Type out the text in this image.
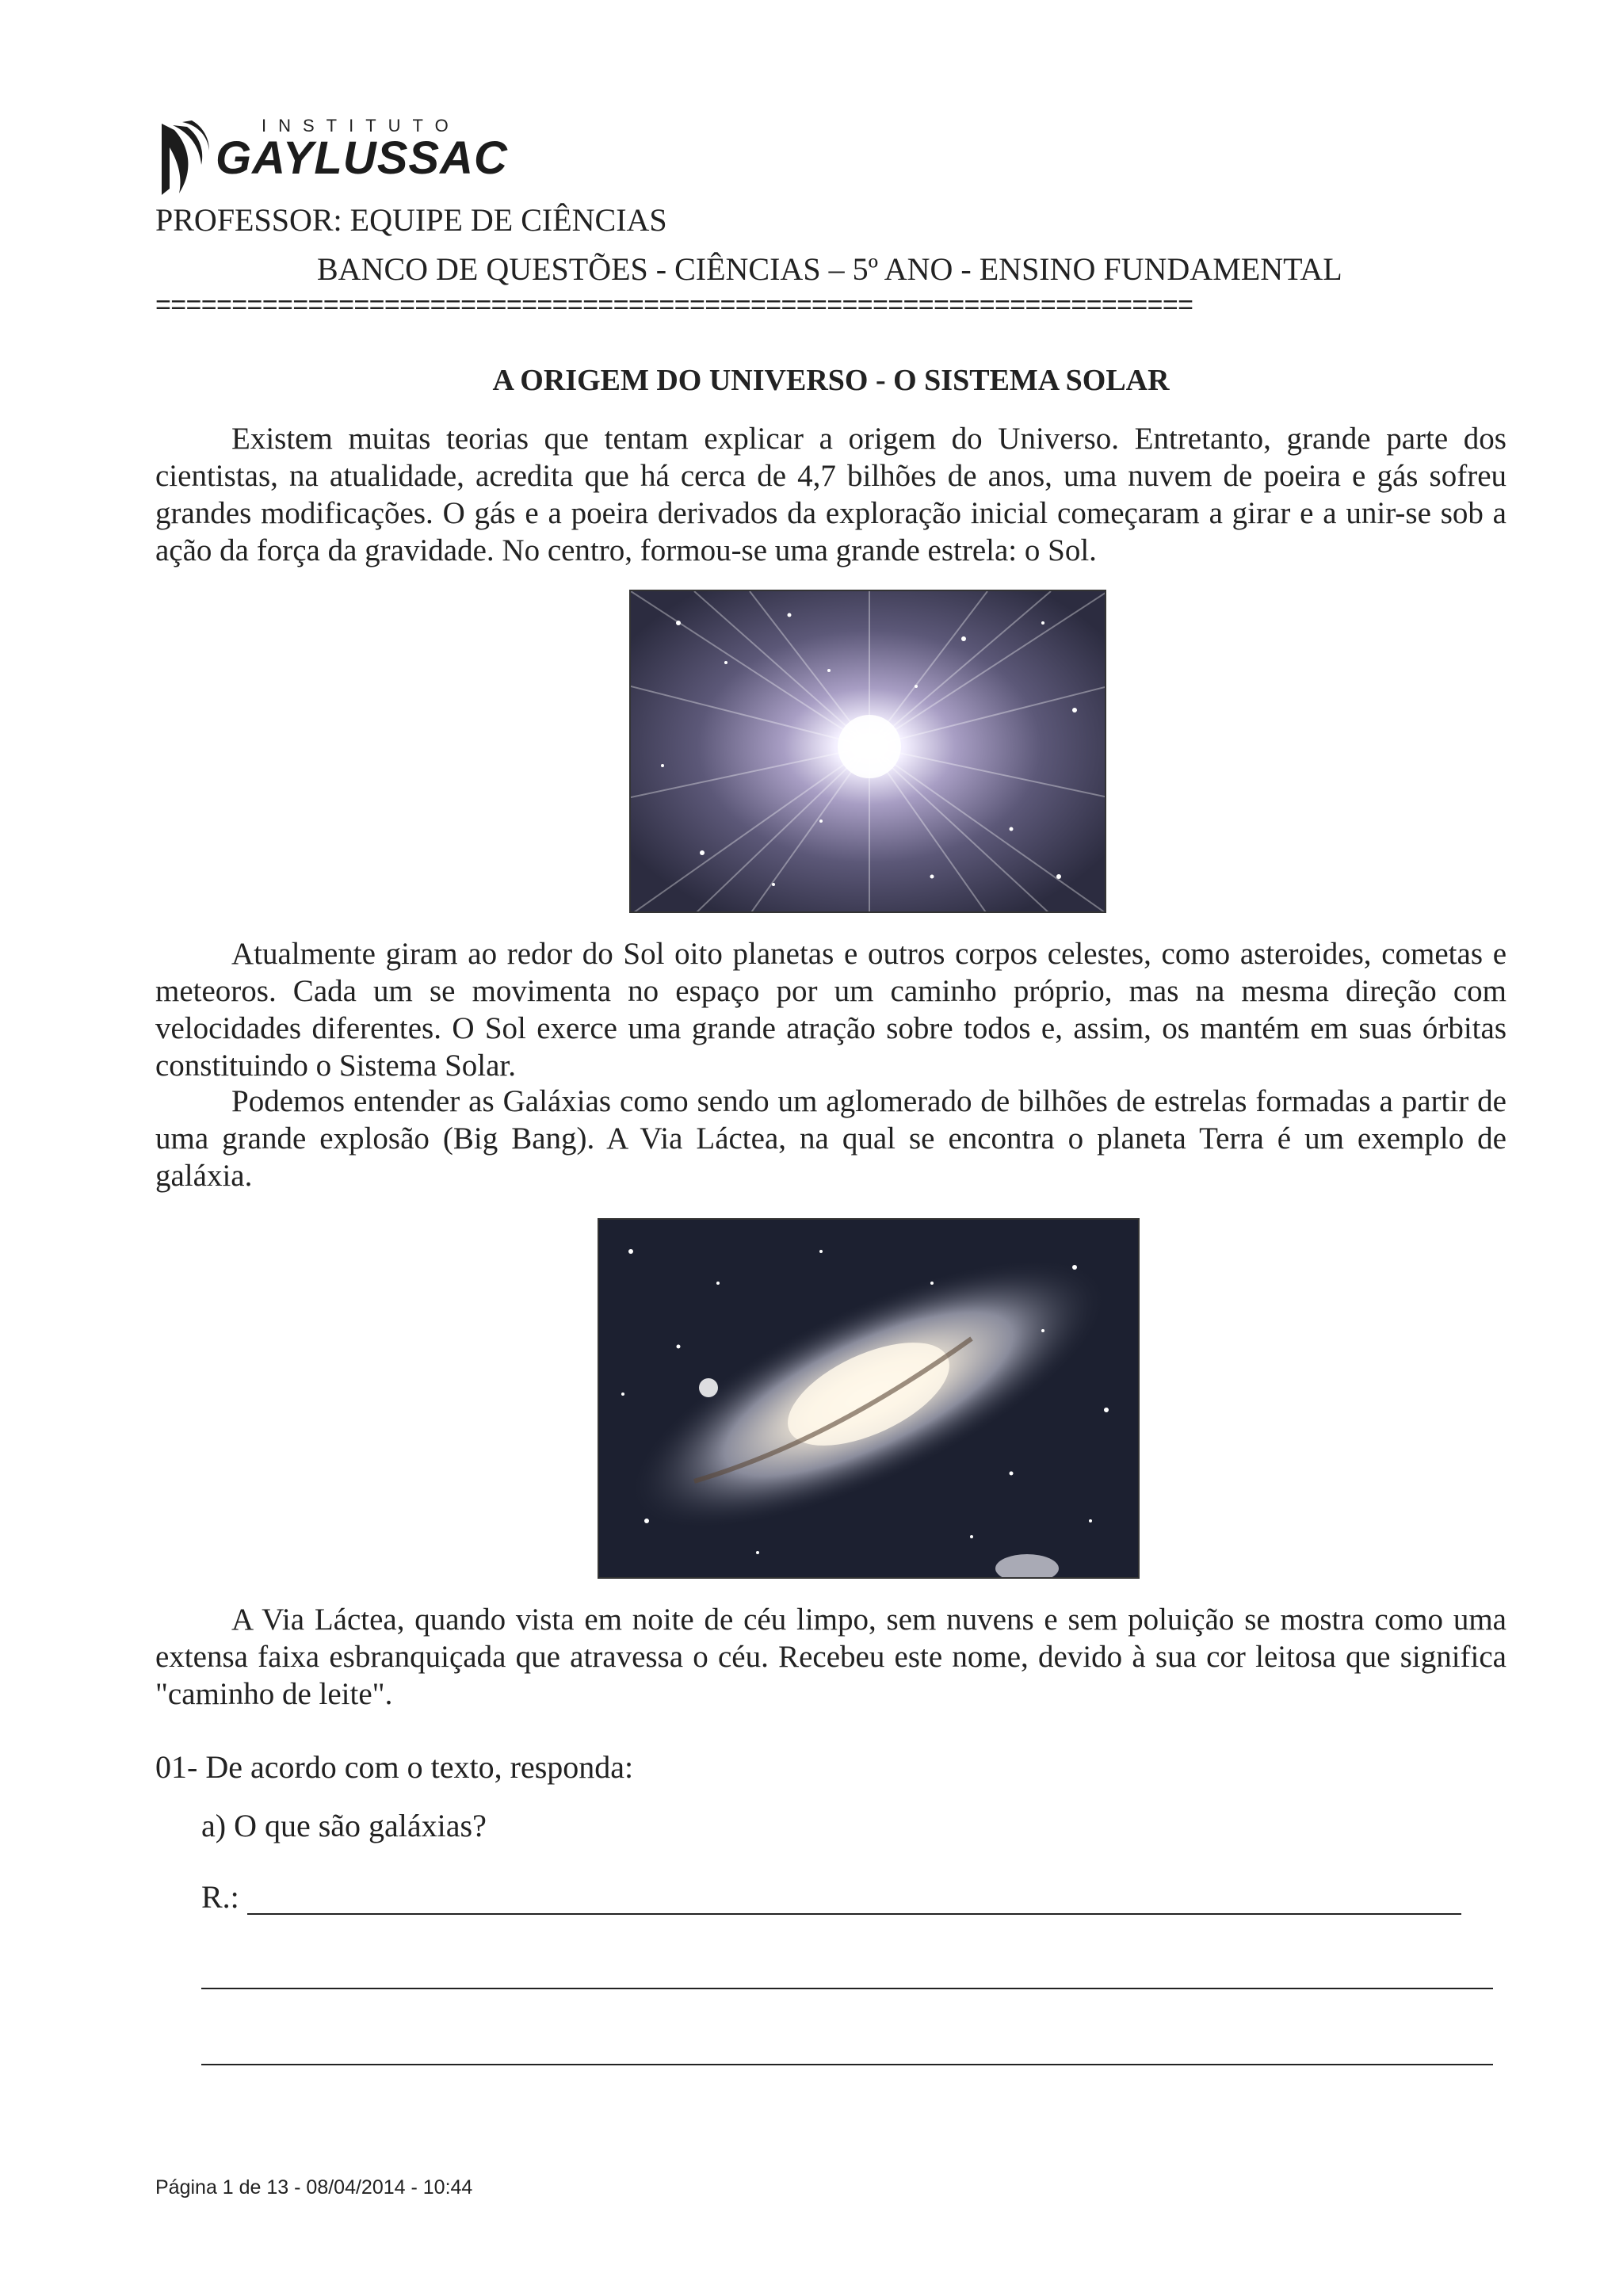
INSTITUTO
GAYLUSSAC
PROFESSOR: EQUIPE DE CIÊNCIAS
BANCO DE QUESTÕES - CIÊNCIAS – 5º ANO - ENSINO FUNDAMENTAL
====================================================================
A ORIGEM DO UNIVERSO - O SISTEMA SOLAR

Existem muitas teorias que tentam explicar a origem do Universo. Entretanto, grande parte dos cientistas, na atualidade, acredita que há cerca de 4,7 bilhões de anos, uma nuvem de poeira e gás sofreu grandes modificações. O gás e a poeira derivados da exploração inicial começaram a girar e a unir-se sob a ação da força da gravidade. No centro, formou-se uma grande estrela: o Sol.

Atualmente giram ao redor do Sol oito planetas e outros corpos celestes, como asteroides, cometas e meteoros. Cada um se movimenta no espaço por um caminho próprio, mas na mesma direção com velocidades diferentes. O Sol exerce uma grande atração sobre todos e, assim, os mantém em suas órbitas constituindo o Sistema Solar.

Podemos entender as Galáxias como sendo um aglomerado de bilhões de estrelas formadas a partir de uma grande explosão (Big Bang). A Via Láctea, na qual se encontra o planeta Terra é um exemplo de galáxia.

A Via Láctea, quando vista em noite de céu limpo, sem nuvens e sem poluição se mostra como uma extensa faixa esbranquiçada que atravessa o céu. Recebeu este nome, devido à sua cor leitosa que significa "caminho de leite".

01- De acordo com o texto, responda:
a) O que são galáxias?
R.:
Página 1 de 13 - 08/04/2014 - 10:44
